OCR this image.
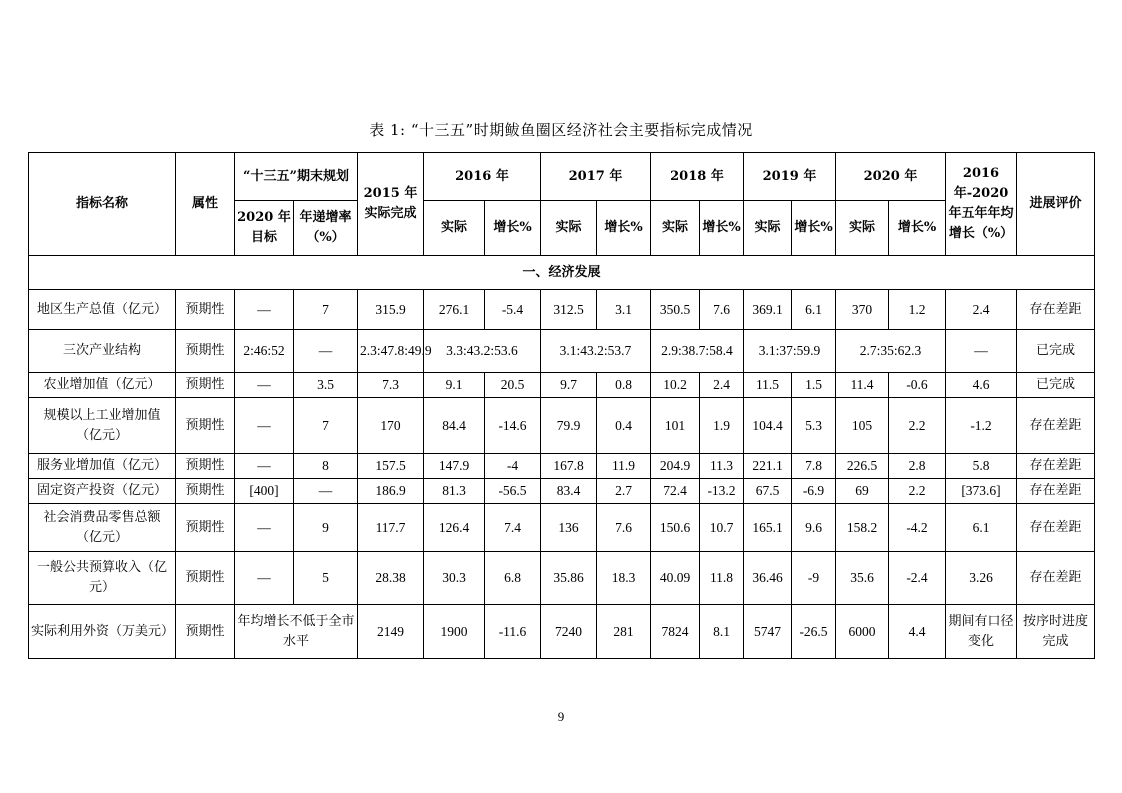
表 1: “十三五”时期鲅鱼圈区经济社会主要指标完成情况
指标名称	属性	“十三五”期末规划		2015 年实际完成	2016 年		2017 年		2018 年		2019 年		2020 年		2016 年-2020 年五年年均增长（%）	进展评价
		2020 年目标	年递增率（%）		实际	增长%	实际	增长%	实际	增长%	实际	增长%	实际	增长%		
一、经济发展																
地区生产总值（亿元）	预期性	—	7	315.9	276.1	-5.4	312.5	3.1	350.5	7.6	369.1	6.1	370	1.2	2.4	存在差距
三次产业结构	预期性	2:46:52	—	2.3:47.8:49.9	3.3:43.2:53.6		3.1:43.2:53.7		2.9:38.7:58.4		3.1:37:59.9		2.7:35:62.3		—	已完成
农业增加值（亿元）	预期性	—	3.5	7.3	9.1	20.5	9.7	0.8	10.2	2.4	11.5	1.5	11.4	-0.6	4.6	已完成
规模以上工业增加值（亿元）	预期性	—	7	170	84.4	-14.6	79.9	0.4	101	1.9	104.4	5.3	105	2.2	-1.2	存在差距
服务业增加值（亿元）	预期性	—	8	157.5	147.9	-4	167.8	11.9	204.9	11.3	221.1	7.8	226.5	2.8	5.8	存在差距
固定资产投资（亿元）	预期性	[400]	—	186.9	81.3	-56.5	83.4	2.7	72.4	-13.2	67.5	-6.9	69	2.2	[373.6]	存在差距
社会消费品零售总额（亿元）	预期性	—	9	117.7	126.4	7.4	136	7.6	150.6	10.7	165.1	9.6	158.2	-4.2	6.1	存在差距
一般公共预算收入（亿元）	预期性	—	5	28.38	30.3	6.8	35.86	18.3	40.09	11.8	36.46	-9	35.6	-2.4	3.26	存在差距
实际利用外资（万美元）	预期性	年均增长不低于全市水平		2149	1900	-11.6	7240	281	7824	8.1	5747	-26.5	6000	4.4	期间有口径变化	按序时进度完成
9
